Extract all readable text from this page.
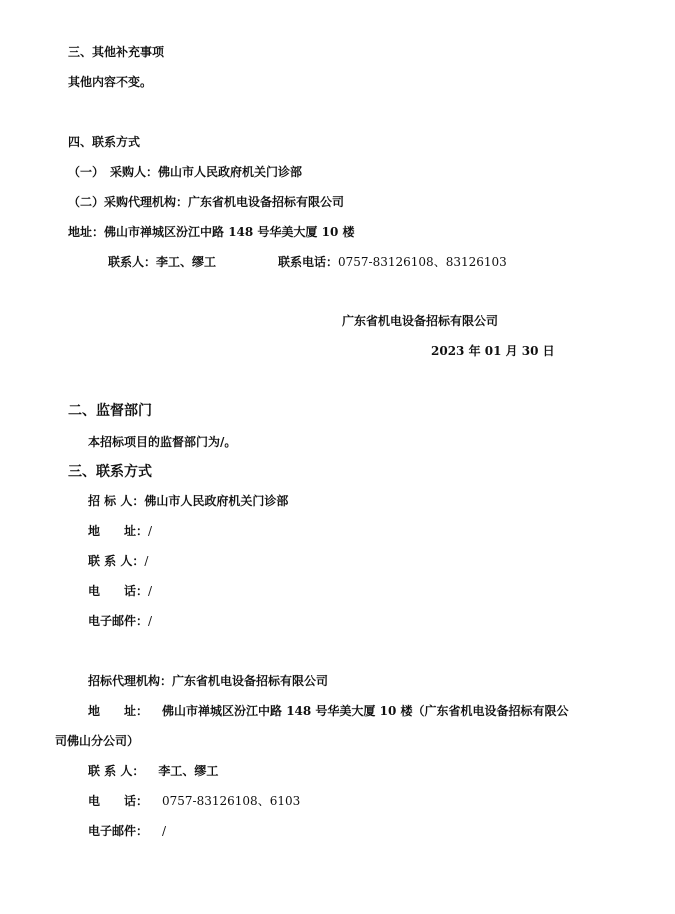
三、其他补充事项
其他内容不变。
四、联系方式
（一）　采购人：佛山市人民政府机关门诊部
（二）采购代理机构：广东省机电设备招标有限公司
地址：佛山市禅城区汾江中路 148 号华美大厦 10 楼
联系人：李工、缪工	联系电话：0757-83126108、83126103
广东省机电设备招标有限公司
2023 年 01 月 30 日
二、监督部门
本招标项目的监督部门为/。
三、联系方式
招 标 人：佛山市人民政府机关门诊部
地　　址：/
联 系 人：/
电　　话：/
电子邮件：/
招标代理机构：广东省机电设备招标有限公司
地　　址： 佛山市禅城区汾江中路 148 号华美大厦 10 楼（广东省机电设备招标有限公
司佛山分公司）
联 系 人： 李工、缪工
电　　话： 0757-83126108、6103
电子邮件： /
